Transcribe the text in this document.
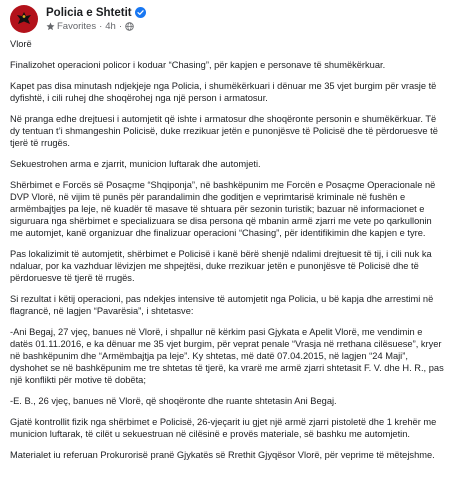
Policia e Shtetit
Favorites · 4h ·

Vlorë

Finalizohet operacioni policor i koduar “Chasing”, për kapjen e personave të shumëkërkuar.

Kapet pas disa minutash ndjekjeje nga Policia, i shumëkërkuari i dënuar me 35 vjet burgim për vrasje të dyfishtë, i cili ruhej dhe shoqërohej nga një person i armatosur.

Në pranga edhe drejtuesi i automjetit që ishte i armatosur dhe shoqëronte personin e shumëkërkuar. Të dy tentuan t’i shmangeshin Policisë, duke rrezikuar jetën e punonjësve të Policisë dhe të përdoruesve të tjerë të rrugës.

Sekuestrohen arma e zjarrit, municion luftarak dhe automjeti.

Shërbimet e Forcës së Posaçme “Shqiponja”, në bashkëpunim me Forcën e Posaçme Operacionale në DVP Vlorë, në vijim të punës për parandalimin dhe goditjen e veprimtarisë kriminale në fushën e armëmbajtjes pa leje, në kuadër të masave të shtuara për sezonin turistik; bazuar në informacionet e siguruara nga shërbimet e specializuara se disa persona që mbanin armë zjarri me vete po qarkullonin me automjet, kanë organizuar dhe finalizuar operacioni “Chasing”, për identifikimin dhe kapjen e tyre.

Pas lokalizimit të automjetit, shërbimet e Policisë i kanë bërë shenjë ndalimi drejtuesit të tij, i cili nuk ka ndaluar, por ka vazhduar lëvizjen me shpejtësi, duke rrezikuar jetën e punonjësve të Policisë dhe të përdoruesve të tjerë të rrugës.

Si rezultat i këtij operacioni, pas ndekjes intensive të automjetit nga Policia, u bë kapja dhe arrestimi në flagrancë, në lagjen “Pavarësia”, i shtetasve:

-Ani Begaj, 27 vjeç, banues në Vlorë, i shpallur në kërkim pasi Gjykata e Apelit Vlorë, me vendimin e datës 01.11.2016, e ka dënuar me 35 vjet burgim, për veprat penale “Vrasja në rrethana cilësuese”, kryer në bashkëpunim dhe “Armëmbajtja pa leje”. Ky shtetas, më datë 07.04.2015, në lagjen “24 Maji”, dyshohet se në bashkëpunim me tre shtetas të tjerë, ka vrarë me armë zjarri shtetasit F. V. dhe H. R., pas një konflikti për motive të dobëta;

-E. B., 26 vjeç, banues në Vlorë, që shoqëronte dhe ruante shtetasin Ani Begaj.

Gjatë kontrollit fizik nga shërbimet e Policisë, 26-vjeçarit iu gjet një armë zjarri pistoletë dhe 1 krehër me municion luftarak, të cilët u sekuestruan në cilësinë e provës materiale, së bashku me automjetin.

Materialet iu referuan Prokurorisë pranë Gjykatës së Rrethit Gjyqësor Vlorë, për veprime të mëtejshme.
